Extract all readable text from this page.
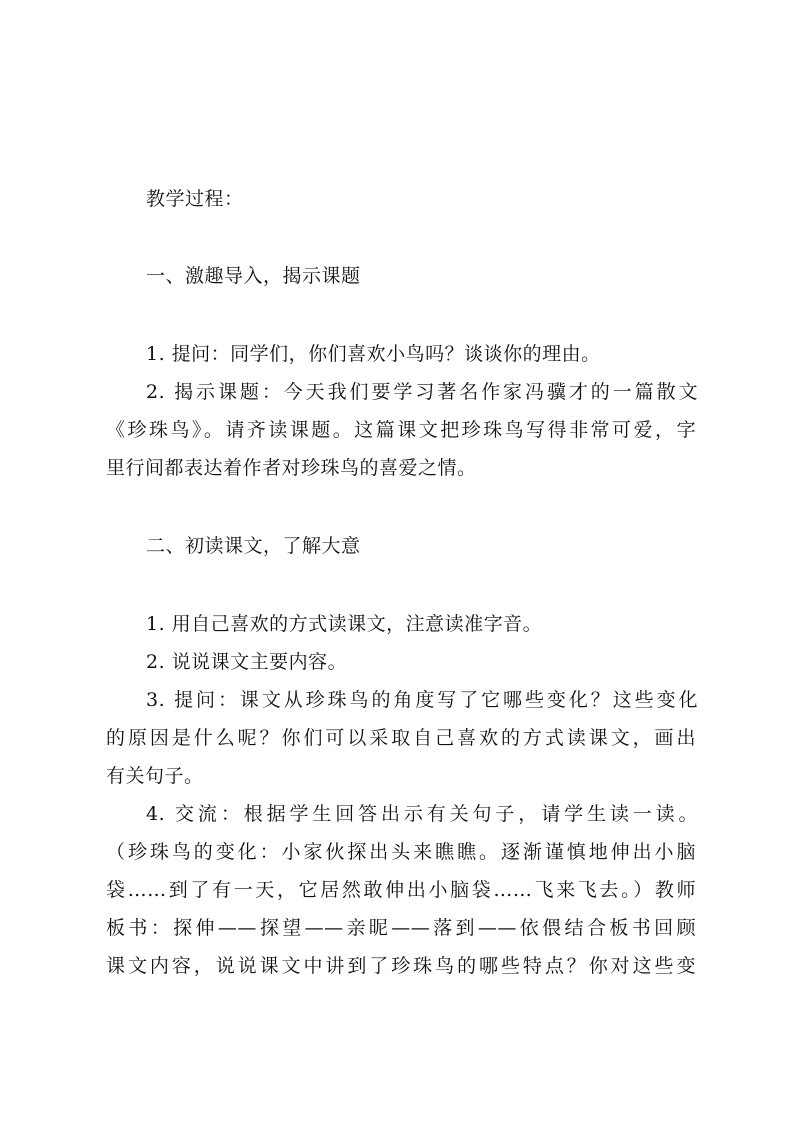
教学过程：
一、激趣导入，揭示课题
1. 提问：同学们，你们喜欢小鸟吗？谈谈你的理由。
2. 揭示课题：今天我们要学习著名作家冯骥才的一篇散文
《珍珠鸟》。请齐读课题。这篇课文把珍珠鸟写得非常可爱，字
里行间都表达着作者对珍珠鸟的喜爱之情。
二、初读课文，了解大意
1. 用自己喜欢的方式读课文，注意读准字音。
2. 说说课文主要内容。
3. 提问：课文从珍珠鸟的角度写了它哪些变化？这些变化
的原因是什么呢？你们可以采取自己喜欢的方式读课文，画出
有关句子。
4. 交流：根据学生回答出示有关句子，请学生读一读。
（珍珠鸟的变化：小家伙探出头来瞧瞧。逐渐谨慎地伸出小脑
袋……到了有一天，它居然敢伸出小脑袋……飞来飞去。）教师
板书：探伸——探望——亲昵——落到——依偎结合板书回顾
课文内容，说说课文中讲到了珍珠鸟的哪些特点？你对这些变
